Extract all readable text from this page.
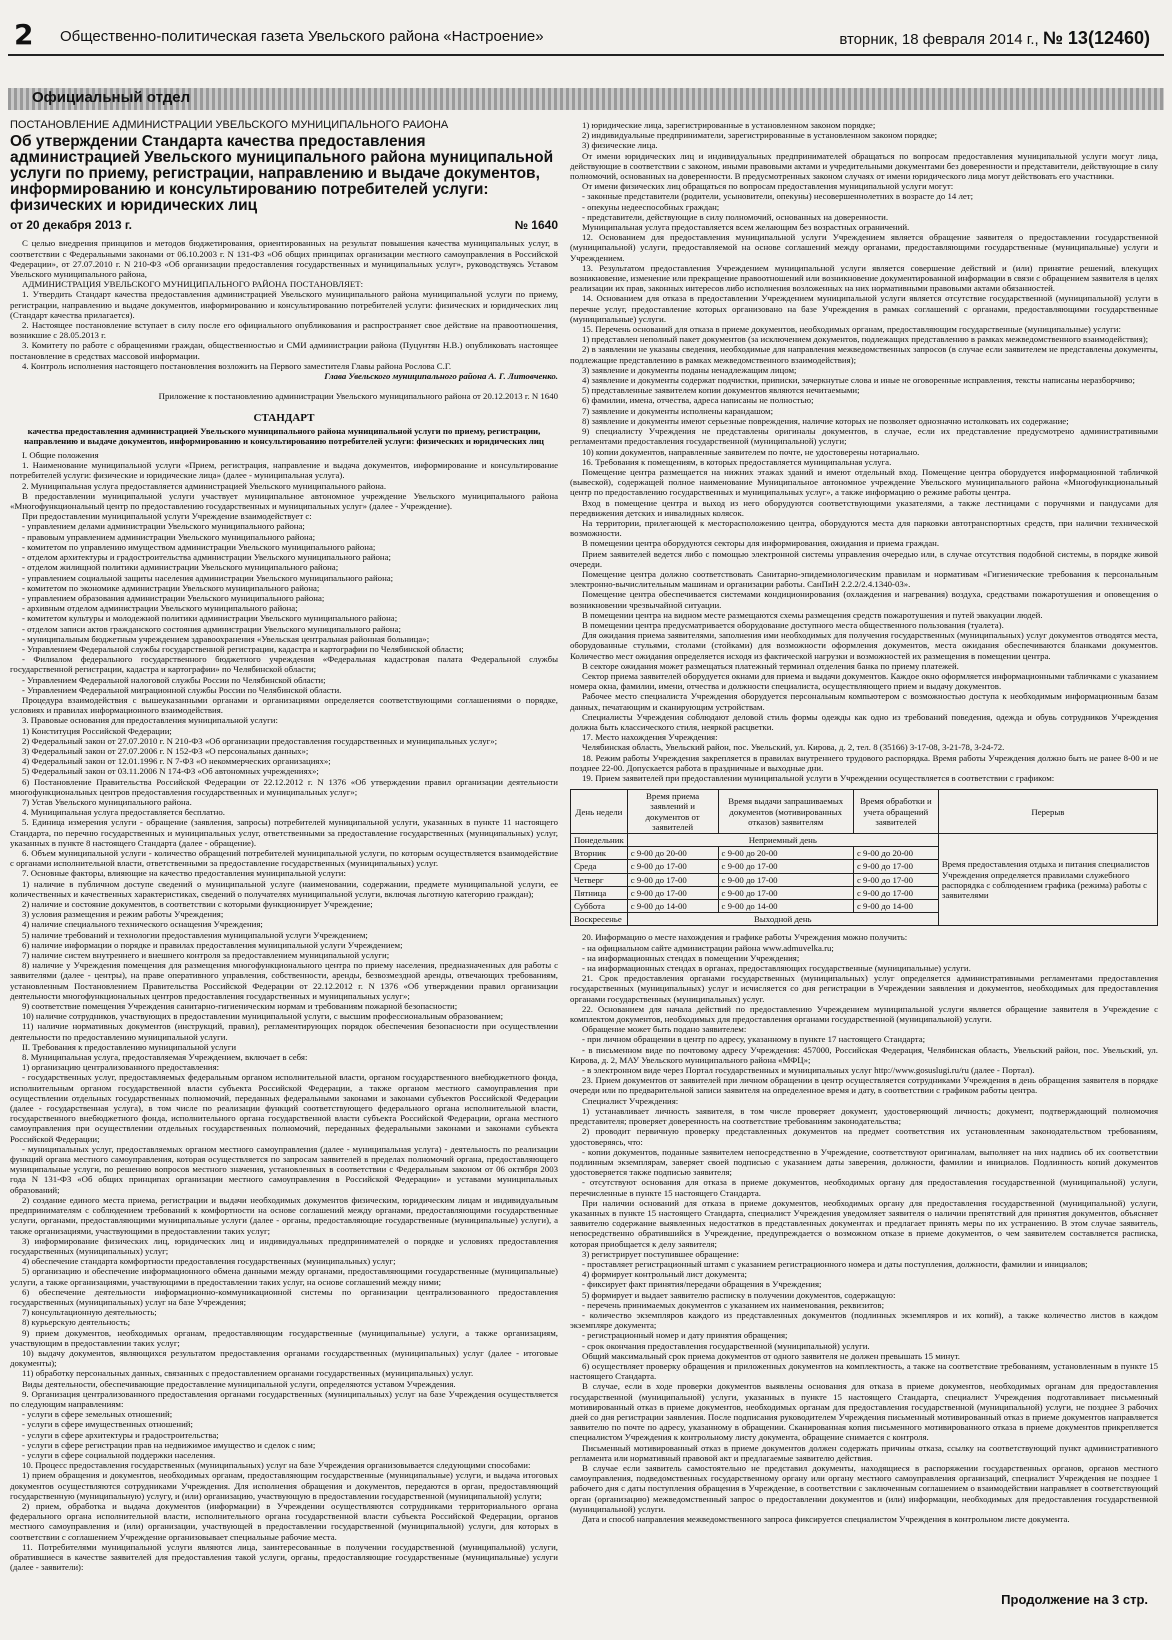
2 Общественно-политическая газета Увельского района «Настроение»	вторник, 18 февраля 2014 г., № 13(12460)
Официальный отдел

ПОСТАНОВЛЕНИЕ АДМИНИСТРАЦИИ УВЕЛЬСКОГО МУНИЦИПАЛЬНОГО РАЙОНА

Об утверждении Стандарта качества предоставления администрацией Увельского муниципального района муниципальной услуги по приему, регистрации, направлению и выдаче документов, информированию и консультированию потребителей услуги: физических и юридических лиц

от 20 декабря 2013 г.	№ 1640

С целью внедрения принципов и методов бюджетирования, ориентированных на результат повышения качества муниципальных услуг, в соответствии с Федеральными законами от 06.10.2003 г. N 131-ФЗ «Об общих принципах организации местного самоуправления в Российской Федерации», от 27.07.2010 г. N 210-ФЗ «Об организации предоставления государственных и муниципальных услуг», руководствуясь Уставом Увельского муниципального района,

АДМИНИСТРАЦИЯ УВЕЛЬСКОГО МУНИЦИПАЛЬНОГО РАЙОНА ПОСТАНОВЛЯЕТ:

1. Утвердить Стандарт качества предоставления администрацией Увельского муниципального района муниципальной услуги по приему, регистрации, направлению и выдаче документов, информированию и консультированию потребителей услуги: физических и юридических лиц (Стандарт качества прилагается).

2. Настоящее постановление вступает в силу после его официального опубликования и распространяет свое действие на правоотношения, возникшие с 28.05.2013 г.

3. Комитету по работе с обращениями граждан, общественностью и СМИ администрации района (Пуцунтян Н.В.) опубликовать настоящее постановление в средствах массовой информации.

4. Контроль исполнения настоящего постановления возложить на Первого заместителя Главы района Рослова С.Г.

Глава Увельского муниципального района А. Г. Литовченко.

Приложение к постановлению администрации Увельского муниципального района от 20.12.2013 г. N 1640

СТАНДАРТ

качества предоставления администрацией Увельского муниципального района муниципальной услуги по приему, регистрации, направлению и выдаче документов, информированию и консультированию потребителей услуги: физических и юридических лиц

I. Общие положения

1. Наименование муниципальной услуги «Прием, регистрация, направление и выдача документов, информирование и консультирование потребителей услуги: физические и юридические лица» (далее - муниципальная услуга).

2. Муниципальная услуга предоставляется администрацией Увельского муниципального района.

В предоставлении муниципальной услуги участвует муниципальное автономное учреждение Увельского муниципального района «Многофункциональный центр по предоставлению государственных и муниципальных услуг» (далее - Учреждение).

При предоставлении муниципальной услуги Учреждение взаимодействует с:

- управлением делами администрации Увельского муниципального района;

- правовым управлением администрации Увельского муниципального района;

- комитетом по управлению имуществом администрации Увельского муниципального района;

- отделом архитектуры и градостроительства администрации Увельского муниципального района;

- отделом жилищной политики администрации Увельского муниципального района;

- управлением социальной защиты населения администрации Увельского муниципального района;

- комитетом по экономике администрации Увельского муниципального района;

- управлением образования администрации Увельского муниципального района;

- архивным отделом администрации Увельского муниципального района;

- комитетом культуры и молодежной политики администрации Увельского муниципального района;

- отделом записи актов гражданского состояния администрации Увельского муниципального района;

- муниципальным бюджетным учреждением здравоохранения «Увельская центральная районная больница»;

- Управлением Федеральной службы государственной регистрации, кадастра и картографии по Челябинской области;

- Филиалом федерального государственного бюджетного учреждения «Федеральная кадастровая палата Федеральной службы государственной регистрации, кадастра и картографии» по Челябинской области;

- Управлением Федеральной налоговой службы России по Челябинской области;

- Управлением Федеральной миграционной службы России по Челябинской области.

Процедура взаимодействия с вышеуказанными органами и организациями определяется соответствующими соглашениями о порядке, условиях и правилах информационного взаимодействия.

3. Правовые основания для предоставления муниципальной услуги:

1) Конституция Российской Федерации;

2) Федеральный закон от 27.07.2010 г. N 210-ФЗ «Об организации предоставления государственных и муниципальных услуг»;

3) Федеральный закон от 27.07.2006 г. N 152-ФЗ «О персональных данных»;

4) Федеральный закон от 12.01.1996 г. N 7-ФЗ «О некоммерческих организациях»;

5) Федеральный закон от 03.11.2006 N 174-ФЗ «Об автономных учреждениях»;

6) Постановление Правительства Российской Федерации от 22.12.2012 г. N 1376 «Об утверждении правил организации деятельности многофункциональных центров предоставления государственных и муниципальных услуг»;

7) Устав Увельского муниципального района.

4. Муниципальная услуга предоставляется бесплатно.

5. Единица измерения услуги - обращение (заявления, запросы) потребителей муниципальной услуги, указанных в пункте 11 настоящего Стандарта, по перечню государственных и муниципальных услуг, ответственными за предоставление государственных (муниципальных) услуг, указанных в пункте 8 настоящего Стандарта (далее - обращение).

6. Объем муниципальной услуги - количество обращений потребителей муниципальной услуги, по которым осуществляется взаимодействие с органами исполнительной власти, ответственными за предоставление государственных (муниципальных) услуг.

7. Основные факторы, влияющие на качество предоставления муниципальной услуги:

1) наличие в публичном доступе сведений о муниципальной услуге (наименовании, содержании, предмете муниципальной услуги, ее количественных и качественных характеристиках, сведений о получателях муниципальной услуги, включая льготную категорию граждан);

2) наличие и состояние документов, в соответствии с которыми функционирует Учреждение;

3) условия размещения и режим работы Учреждения;

4) наличие специального технического оснащения Учреждения;

5) наличие требований и технологии предоставления муниципальной услуги Учреждением;

6) наличие информации о порядке и правилах предоставления муниципальной услуги Учреждением;

7) наличие систем внутреннего и внешнего контроля за предоставлением муниципальной услуги;

8) наличие у Учреждения помещения для размещения многофункционального центра по приему населения, предназначенных для работы с заявителями (далее - центры), на праве оперативного управления, собственности, аренды, безвозмездной аренды, отвечающих требованиям, установленным Постановлением Правительства Российской Федерации от 22.12.2012 г. N 1376 «Об утверждении правил организации деятельности многофункциональных центров предоставления государственных и муниципальных услуг»;

9) соответствие помещения Учреждения санитарно-гигиеническим нормам и требованиям пожарной безопасности;

10) наличие сотрудников, участвующих в предоставлении муниципальной услуги, с высшим профессиональным образованием;

11) наличие нормативных документов (инструкций, правил), регламентирующих порядок обеспечения безопасности при осуществлении деятельности по предоставлению муниципальной услуги.

II. Требования к предоставлению муниципальной услуги

8. Муниципальная услуга, предоставляемая Учреждением, включает в себя:

1) организацию централизованного предоставления:

- государственных услуг, предоставляемых федеральным органом исполнительной власти, органом государственного внебюджетного фонда, исполнительным органом государственной власти субъекта Российской Федерации, а также органом местного самоуправления при осуществлении отдельных государственных полномочий, переданных федеральными законами и законами субъектов Российской Федерации (далее - государственная услуга), в том числе по реализации функций соответствующего федерального органа исполнительной власти, государственного внебюджетного фонда, исполнительного органа государственной власти субъекта Российской Федерации, органа местного самоуправления при осуществлении отдельных государственных полномочий, переданных федеральными законами и законами субъекта Российской Федерации;

- муниципальных услуг, предоставляемых органом местного самоуправления (далее - муниципальная услуга) - деятельность по реализации функций органа местного самоуправления, которая осуществляется по запросам заявителей в пределах полномочий органа, предоставляющего муниципальные услуги, по решению вопросов местного значения, установленных в соответствии с Федеральным законом от 06 октября 2003 года N 131-ФЗ «Об общих принципах организации местного самоуправления в Российской Федерации» и уставами муниципальных образований;

2) создание единого места приема, регистрации и выдачи необходимых документов физическим, юридическим лицам и индивидуальным предпринимателям с соблюдением требований к комфортности на основе соглашений между органами, предоставляющими государственные услуги, органами, предоставляющими муниципальные услуги (далее - органы, предоставляющие государственные (муниципальные) услуги), а также организациями, участвующими в предоставлении таких услуг;

3) информирование физических лиц, юридических лиц и индивидуальных предпринимателей о порядке и условиях предоставления государственных (муниципальных) услуг;

4) обеспечение стандарта комфортности предоставления государственных (муниципальных) услуг;

5) организацию и обеспечение информационного обмена данными между органами, предоставляющими государственные (муниципальные) услуги, а также организациями, участвующими в предоставлении таких услуг, на основе соглашений между ними;

6) обеспечение деятельности информационно-коммуникационной системы по организации централизованного предоставления государственных (муниципальных) услуг на базе Учреждения;

7) консультационную деятельность;

8) курьерскую деятельность;

9) прием документов, необходимых органам, предоставляющим государственные (муниципальные) услуги, а также организациям, участвующим в предоставлении таких услуг;

10) выдачу документов, являющихся результатом предоставления органами государственных (муниципальных) услуг (далее - итоговые документы);

11) обработку персональных данных, связанных с предоставлением органами государственных (муниципальных) услуг.

Виды деятельности, обеспечивающие предоставление муниципальной услуги, определяются уставом Учреждения.

9. Организация централизованного предоставления органами государственных (муниципальных) услуг на базе Учреждения осуществляется по следующим направлениям:

- услуги в сфере земельных отношений;

- услуги в сфере имущественных отношений;

- услуги в сфере архитектуры и градостроительства;

- услуги в сфере регистрации прав на недвижимое имущество и сделок с ним;

- услуги в сфере социальной поддержки населения.

10. Процесс предоставления государственных (муниципальных) услуг на базе Учреждения организовывается следующими способами:

1) прием обращения и документов, необходимых органам, предоставляющим государственные (муниципальные) услуги, и выдача итоговых документов осуществляются сотрудниками Учреждения. Для исполнения обращения и документов, передаются в орган, предоставляющий государственную (муниципальную) услугу, и (или) организацию, участвующую в предоставлении государственной (муниципальной) услуги;

2) прием, обработка и выдача документов (информации) в Учреждении осуществляются сотрудниками территориального органа федерального органа исполнительной власти, исполнительного органа государственной власти субъекта Российской Федерации, органов местного самоуправления и (или) организации, участвующей в предоставлении государственной (муниципальной) услуги, для которых в соответствии с соглашением Учреждение организовывает специальные рабочие места.

11. Потребителями муниципальной услуги являются лица, заинтересованные в получении государственной (муниципальной) услуги, обратившиеся в качестве заявителей для предоставления такой услуги, органы, предоставляющие государственные (муниципальные) услуги (далее - заявители):

1) юридические лица, зарегистрированные в установленном законом порядке;

2) индивидуальные предприниматели, зарегистрированные в установленном законом порядке;

3) физические лица.

От имени юридических лиц и индивидуальных предпринимателей обращаться по вопросам предоставления муниципальной услуги могут лица, действующие в соответствии с законом, иными правовыми актами и учредительными документами без доверенности и представители, действующие в силу полномочий, основанных на доверенности. В предусмотренных законом случаях от имени юридического лица могут действовать его участники.

От имени физических лиц обращаться по вопросам предоставления муниципальной услуги могут:

- законные представители (родители, усыновители, опекуны) несовершеннолетних в возрасте до 14 лет;

- опекуны недееспособных граждан;

- представители, действующие в силу полномочий, основанных на доверенности.

Муниципальная услуга предоставляется всем желающим без возрастных ограничений.

12. Основанием для предоставления муниципальной услуги Учреждением является обращение заявителя о предоставлении государственной (муниципальной) услуги, предоставляемой на основе соглашений между органами, предоставляющими государственные (муниципальные) услуги и Учреждением.

13. Результатом предоставления Учреждением муниципальной услуги является совершение действий и (или) принятие решений, влекущих возникновение, изменение или прекращение правоотношений или возникновение документированной информации в связи с обращением заявителя в целях реализации их прав, законных интересов либо исполнения возложенных на них нормативными правовыми актами обязанностей.

14. Основанием для отказа в предоставлении Учреждением муниципальной услуги является отсутствие государственной (муниципальной) услуги в перечне услуг, предоставление которых организовано на базе Учреждения в рамках соглашений с органами, предоставляющими государственные (муниципальные) услуги.

15. Перечень оснований для отказа в приеме документов, необходимых органам, предоставляющим государственные (муниципальные) услуги:

1) представлен неполный пакет документов (за исключением документов, подлежащих представлению в рамках межведомственного взаимодействия);

2) в заявлении не указаны сведения, необходимые для направления межведомственных запросов (в случае если заявителем не представлены документы, подлежащие представлению в рамках межведомственного взаимодействия);

3) заявление и документы поданы ненадлежащим лицом;

4) заявление и документы содержат подчистки, приписки, зачеркнутые слова и иные не оговоренные исправления, тексты написаны неразборчиво;

5) представленные заявителем копии документов являются нечитаемыми;

6) фамилии, имена, отчества, адреса написаны не полностью;

7) заявление и документы исполнены карандашом;

8) заявление и документы имеют серьезные повреждения, наличие которых не позволяет однозначно истолковать их содержание;

9) специалисту Учреждения не представлены оригиналы документов, в случае, если их представление предусмотрено административными регламентами предоставления государственной (муниципальной) услуги;

10) копии документов, направленные заявителем по почте, не удостоверены нотариально.

16. Требования к помещениям, в которых предоставляется муниципальная услуга.

Помещение центра размещается на нижних этажах зданий и имеют отдельный вход. Помещение центра оборудуется информационной табличкой (вывеской), содержащей полное наименование Муниципальное автономное учреждение Увельского муниципального района «Многофункциональный центр по предоставлению государственных и муниципальных услуг», а также информацию о режиме работы центра.

Вход в помещение центра и выход из него оборудуются соответствующими указателями, а также лестницами с поручнями и пандусами для передвижения детских и инвалидных колясок.

На территории, прилегающей к месторасположению центра, оборудуются места для парковки автотранспортных средств, при наличии технической возможности.

В помещении центра оборудуются секторы для информирования, ожидания и приема граждан.

Прием заявителей ведется либо с помощью электронной системы управления очередью или, в случае отсутствия подобной системы, в порядке живой очереди.

Помещение центра должно соответствовать Санитарно-эпидемиологическим правилам и нормативам «Гигиенические требования к персональным электронно-вычислительным машинам и организации работы. СанПиН 2.2.2/2.4.1340-03».

Помещение центра обеспечивается системами кондиционирования (охлаждения и нагревания) воздуха, средствами пожаротушения и оповещения о возникновении чрезвычайной ситуации.

В помещении центра на видном месте размещаются схемы размещения средств пожаротушения и путей эвакуации людей.

В помещении центра предусматривается оборудование доступного места общественного пользования (туалета).

Для ожидания приема заявителями, заполнения ими необходимых для получения государственных (муниципальных) услуг документов отводятся места, оборудованные стульями, столами (стойками) для возможности оформления документов, места ожидания обеспечиваются бланками документов. Количество мест ожидания определяется исходя из фактической нагрузки и возможностей их размещения в помещении центра.

В секторе ожидания может размещаться платежный терминал отделения банка по приему платежей.

Сектор приема заявителей оборудуется окнами для приема и выдачи документов. Каждое окно оформляется информационными табличками с указанием номера окна, фамилии, имени, отчества и должности специалиста, осуществляющего прием и выдачу документов.

Рабочее место специалиста Учреждения оборудуется персональным компьютером с возможностью доступа к необходимым информационным базам данных, печатающим и сканирующим устройствам.

Специалисты Учреждения соблюдают деловой стиль формы одежды как одно из требований поведения, одежда и обувь сотрудников Учреждения должна быть классического стиля, неяркой расцветки.

17. Место нахождения Учреждения:

Челябинская область, Увельский район, пос. Увельский, ул. Кирова, д. 2, тел. 8 (35166) 3-17-08, 3-21-78, 3-24-72.

18. Режим работы Учреждения закрепляется в правилах внутреннего трудового распорядка. Время работы Учреждения должно быть не ранее 8-00 и не позднее 22-00. Допускается работа в праздничные и выходные дни.

19. Прием заявителей при предоставлении муниципальной услуги в Учреждении осуществляется в соответствии с графиком:

День недели	Время приема заявлений и документов от заявителей	Время выдачи запрашиваемых документов (мотивированных отказов) заявителям	Время обработки и учета обращений заявителей	Перерыв
Понедельник	Неприемный день			Время предоставления отдыха и питания специалистов Учреждения определяется правилами служебного распорядка с соблюдением графика (режима) работы с заявителями
Вторник	с 9-00 до 20-00	с 9-00 до 20-00	с 9-00 до 20-00	
Среда	с 9-00 до 17-00	с 9-00 до 17-00	с 9-00 до 17-00	
Четверг	с 9-00 до 17-00	с 9-00 до 17-00	с 9-00 до 17-00	
Пятница	с 9-00 до 17-00	с 9-00 до 17-00	с 9-00 до 17-00	
Суббота	с 9-00 до 14-00	с 9-00 до 14-00	с 9-00 до 14-00	
Воскресенье	Выходной день			

20. Информацию о месте нахождения и графике работы Учреждения можно получить:

- на официальном сайте администрации района www.admuvelka.ru;

- на информационных стендах в помещении Учреждения;

- на информационных стендах в органах, предоставляющих государственные (муниципальные) услуги.

21. Срок предоставления органами государственных (муниципальных) услуг определяется административными регламентами предоставления государственных (муниципальных) услуг и исчисляется со дня регистрации в Учреждении заявления и документов, необходимых для предоставления органами государственных (муниципальных) услуг.

22. Основанием для начала действий по предоставлению Учреждением муниципальной услуги является обращение заявителя в Учреждение с комплектом документов, необходимых для предоставления органами государственной (муниципальной) услуги.

Обращение может быть подано заявителем:

- при личном обращении в центр по адресу, указанному в пункте 17 настоящего Стандарта;

- в письменном виде по почтовому адресу Учреждения: 457000, Российская Федерация, Челябинская область, Увельский район, пос. Увельский, ул. Кирова, д. 2, МАУ Увельского муниципального района «МФЦ»;

- в электронном виде через Портал государственных и муниципальных услуг http://www.gosuslugi.ru/ru (далее - Портал).

23. Прием документов от заявителей при личном обращении в центр осуществляется сотрудниками Учреждения в день обращения заявителя в порядке очереди или по предварительной записи заявителя на определенное время и дату, в соответствии с графиком работы центра.

Специалист Учреждения:

1) устанавливает личность заявителя, в том числе проверяет документ, удостоверяющий личность; документ, подтверждающий полномочия представителя; проверяет доверенность на соответствие требованиям законодательства;

2) проводит первичную проверку представленных документов на предмет соответствия их установленным законодательством требованиям, удостоверяясь, что:

- копии документов, поданные заявителем непосредственно в Учреждение, соответствуют оригиналам, выполняет на них надпись об их соответствии подлинным экземплярам, заверяет своей подписью с указанием даты заверения, должности, фамилии и инициалов. Подлинность копий документов удостоверяется также подписью заявителя;

- отсутствуют основания для отказа в приеме документов, необходимых органу для предоставления государственной (муниципальной) услуги, перечисленные в пункте 15 настоящего Стандарта.

При наличии оснований для отказа в приеме документов, необходимых органу для предоставления государственной (муниципальной) услуги, указанных в пункте 15 настоящего Стандарта, специалист Учреждения уведомляет заявителя о наличии препятствий для принятия документов, объясняет заявителю содержание выявленных недостатков в представленных документах и предлагает принять меры по их устранению. В этом случае заявитель, непосредственно обратившийся в Учреждение, предупреждается о возможном отказе в приеме документов, о чем заявителем составляется расписка, которая приобщается к делу заявителя;

3) регистрирует поступившее обращение:

- проставляет регистрационный штамп с указанием регистрационного номера и даты поступления, должности, фамилии и инициалов;

4) формирует контрольный лист документа;

- фиксирует факт принятия/передачи обращения в Учреждения;

5) формирует и выдает заявителю расписку в получении документов, содержащую:

- перечень принимаемых документов с указанием их наименования, реквизитов;

- количество экземпляров каждого из представленных документов (подлинных экземпляров и их копий), а также количество листов в каждом экземпляре документа;

- регистрационный номер и дату принятия обращения;

- срок окончания предоставления государственной (муниципальной) услуги.

Общий максимальный срок приема документов от одного заявителя не должен превышать 15 минут.

6) осуществляет проверку обращения и приложенных документов на комплектность, а также на соответствие требованиям, установленным в пункте 15 настоящего Стандарта.

В случае, если в ходе проверки документов выявлены основания для отказа в приеме документов, необходимых органам для предоставления государственной (муниципальной) услуги, указанных в пункте 15 настоящего Стандарта, специалист Учреждения подготавливает письменный мотивированный отказ в приеме документов, необходимых органам для предоставления государственной (муниципальной) услуги, не позднее 3 рабочих дней со дня регистрации заявления. После подписания руководителем Учреждения письменный мотивированный отказ в приеме документов направляется заявителю по почте по адресу, указанному в обращении. Сканированная копия письменного мотивированного отказа в приеме документов прикрепляется специалистом Учреждения к контрольному листу документа, обращение снимается с контроля.

Письменный мотивированный отказ в приеме документов должен содержать причины отказа, ссылку на соответствующий пункт административного регламента или нормативный правовой акт и предлагаемые заявителю действия.

В случае если заявитель самостоятельно не представил документы, находящиеся в распоряжении государственных органов, органов местного самоуправления, подведомственных государственному органу или органу местного самоуправления организаций, специалист Учреждения не позднее 1 рабочего дня с даты поступления обращения в Учреждение, в соответствии с заключенным соглашением о взаимодействии направляет в соответствующий орган (организацию) межведомственный запрос о предоставлении документов и (или) информации, необходимых для предоставления государственной (муниципальной) услуги.

Дата и способ направления межведомственного запроса фиксируется специалистом Учреждения в контрольном листе документа.

Продолжение на 3 стр.
